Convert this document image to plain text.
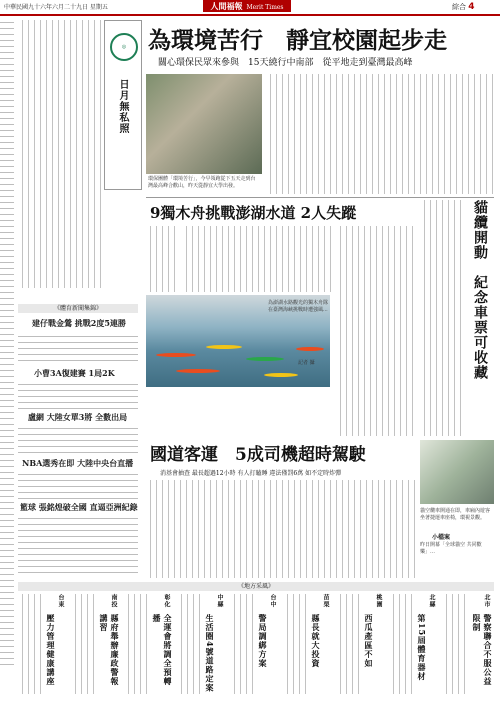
中華民國九十六年六月二十九日 星期五	人間福報 Merit Times	綜合 4
◎
日月無私照
為環境苦行　靜宜校園起步走
關心環保民眾來參與　15天繞行中南部　從平地走到臺灣最高峰
環保團體「環境苦行」，今早領跑從下五天走到台灣最高峰合歡山，昨天從靜宜大學出發。
9獨木舟挑戰澎湖水道 2人失蹤
為澎湖水路觀光的獨木舟隊在臺灣海峽挑戰時遭強風...
記者 攝	貓纜開動　紀念車票可收藏
國道客運　5成司機超時駕駛
消基會抽查 最長超過12小時 有人打瞌睡 違法僅罰6萬 如不定時炸彈
貓空纜車開通在即，車廂內遊客坐著捷運車座椅，環視景觀。
小檔案
昨日開幕「全球貓空 共同歡樂」…
《體育新聞集錦》
建仔戰金鶯 挑戰2度5連勝
小曹3A復建賽 1局2K
盧網 大陸女單3將 全數出局
NBA選秀在即 大陸中央台直播
籃球 張銘煌破全國 直逼亞洲紀錄
《地方采風》
台東
壓力管理健康講座
南投
縣府舉辦廉政警報講習
彰化
全運會將調全預轉播
中縣
生活圈4號道路定案
台中
警局調綁方案
苗栗
縣長就大投資
桃園
西瓜產區不如
北縣
第15屆體育器材
北市
警察聯合不服公益限制
